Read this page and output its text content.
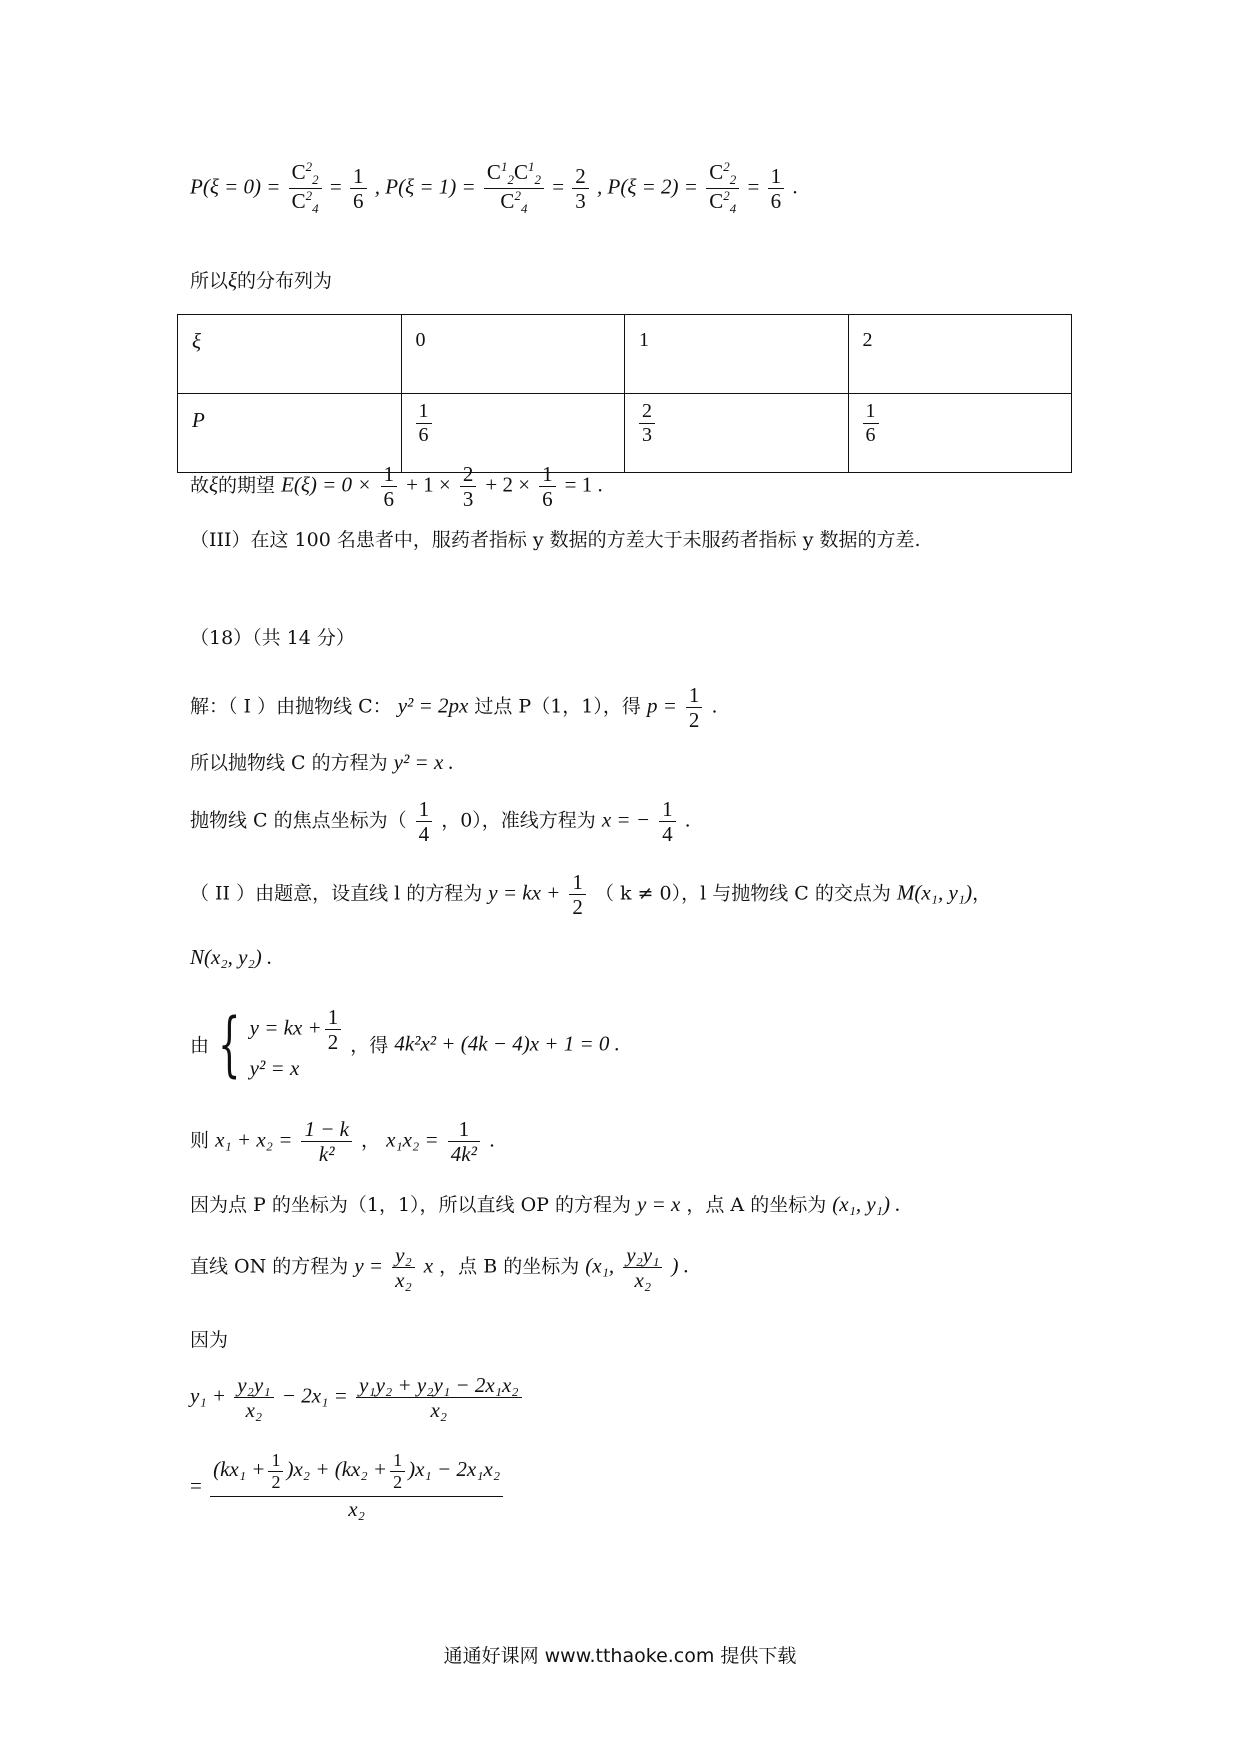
$P(\xi = 0) = \frac{C^2_2}{C^2_4} = \frac{1}{6}$ , $P(\xi = 1) = \frac{C^1_2C^1_2}{C^2_4} = \frac{2}{3}$ , $P(\xi = 2) = \frac{C^2_2}{C^2_4} = \frac{1}{6}$ .
所以ξ的分布列为
ξ	0	1	2
P	$\frac{1}{6}$	$\frac{2}{3}$	$\frac{1}{6}$
故ξ的期望 $E(\xi) = 0 \times \frac{1}{6} + 1 \times \frac{2}{3} + 2 \times \frac{1}{6} = 1$ .
（III）在这 100 名患者中，服药者指标 y 数据的方差大于未服药者指标 y 数据的方差.
（18）（共 14 分）
解：（ I ）由抛物线 C： y² = 2px 过点 P（1，1），得 $p = \frac{1}{2}$ .
所以抛物线 C 的方程为 y² = x .
抛物线 C 的焦点坐标为（ $\frac{1}{4}$ ，0），准线方程为 x = − $\frac{1}{4}$ .
（ II ）由题意，设直线 l 的方程为 y = kx + $\frac{1}{2}$ （ k ≠ 0），l 与抛物线 C 的交点为 M(x₁, y₁)，
N(x₂, y₂) .
由 { y = kx + $\frac{1}{2}$
y² = x
，得 4k²x² + (4k − 4)x + 1 = 0 .
则 $x_1 + x_2 = \frac{1 - k}{\text{k²}}$ ， $x_1x_2 = \frac{1}{\text{4k²}}$ .
因为点 P 的坐标为（1，1），所以直线 OP 的方程为 y = x ，点 A 的坐标为 (x₁, y₁) .
直线 ON 的方程为 $y = \frac{\text{y₂}}{\text{x₂}}$ x ，点 B 的坐标为 (x₁, $\frac{\text{y₂y₁}}{\text{x₂}}$ ) .
因为
$y_1 + \frac{\text{y₂y₁}}{\text{x₂}} - 2x_1 = \frac{\text{y₁y₂ + y₂y₁ − 2x₁x₂}}{\text{x₂}}$
= $\frac{(kx_1 + \frac{1}{2} )x_2 + (kx_2 + \frac{1}{2} )x_1 - 2x_1x_2}{\text{x₂}}$
通通好课网 www.tthaoke.com 提供下载
